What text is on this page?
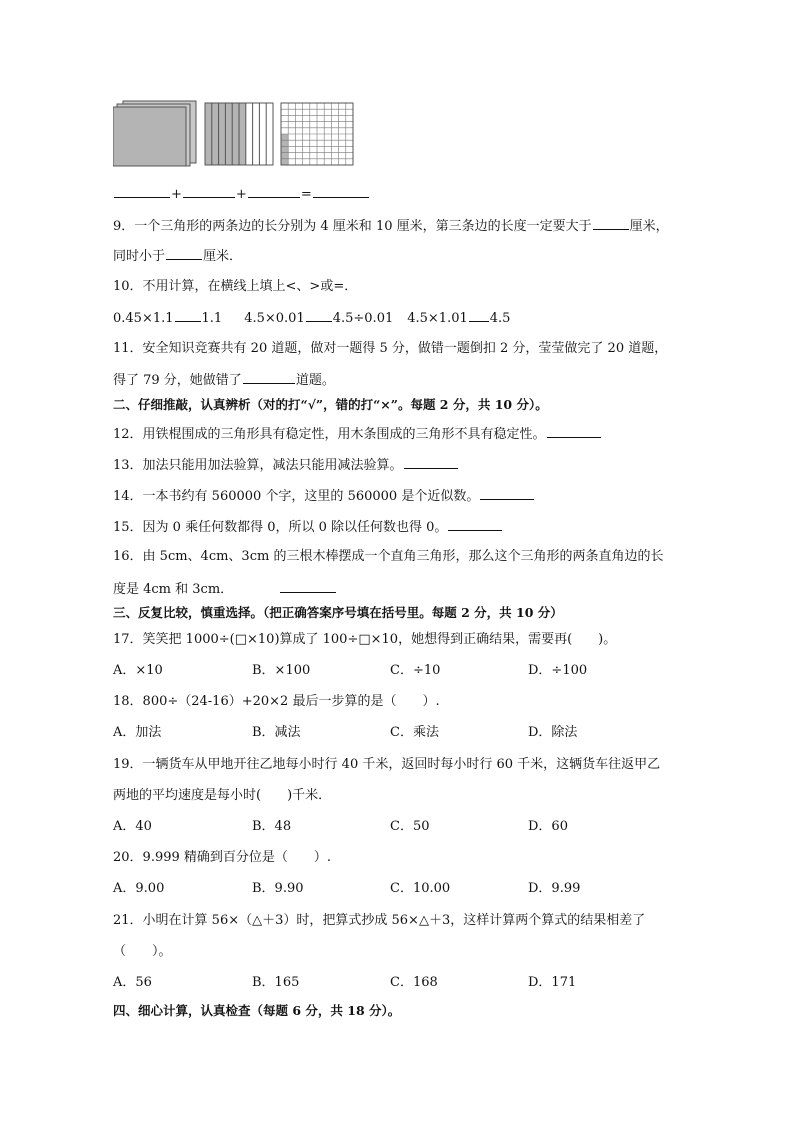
+	+	=
9．一个三角形的两条边的长分别为 4 厘米和 10 厘米，第三条边的长度一定要大于	厘米，
同时小于	厘米．
10．不用计算，在横线上填上<、>或=．
0.45×1.1 1.1 4.5×0.01 4.5÷0.01 4.5×1.01 4.5
11．安全知识竞赛共有 20 道题，做对一题得 5 分，做错一题倒扣 2 分，莹莹做完了 20 道题，
得了 79 分，她做错了	道题。
二、仔细推敲，认真辨析（对的打“√”，错的打“×”。每题 2 分，共 10 分）。
12．用铁棍围成的三角形具有稳定性，用木条围成的三角形不具有稳定性。
13．加法只能用加法验算，减法只能用减法验算。
14．一本书约有 560000 个字，这里的 560000 是个近似数。
15．因为 0 乘任何数都得 0，所以 0 除以任何数也得 0。
16．由 5cm、4cm、3cm 的三根木棒摆成一个直角三角形，那么这个三角形的两条直角边的长
度是 4cm 和 3cm．
三、反复比较，慎重选择。（把正确答案序号填在括号里。每题 2 分，共 10 分）
17．笑笑把 1000÷(□×10)算成了 100÷□×10，她想得到正确结果，需要再(　　)。
A．×10	B．×100	C．÷10	D．÷100
18．800÷（24-16）+20×2 最后一步算的是（　　）.
A．加法	B．减法	C．乘法	D．除法
19．一辆货车从甲地开往乙地每小时行 40 千米，返回时每小时行 60 千米，这辆货车往返甲乙
两地的平均速度是每小时(　　)千米．
A．40	B．48	C．50	D．60
20．9.999 精确到百分位是（　　）.
A．9.00	B．9.90	C．10.00	D．9.99
21．小明在计算 56×（△＋3）时，把算式抄成 56×△＋3，这样计算两个算式的结果相差了
（　　）。
A．56	B．165	C．168	D．171
四、细心计算，认真检查（每题 6 分，共 18 分）。
